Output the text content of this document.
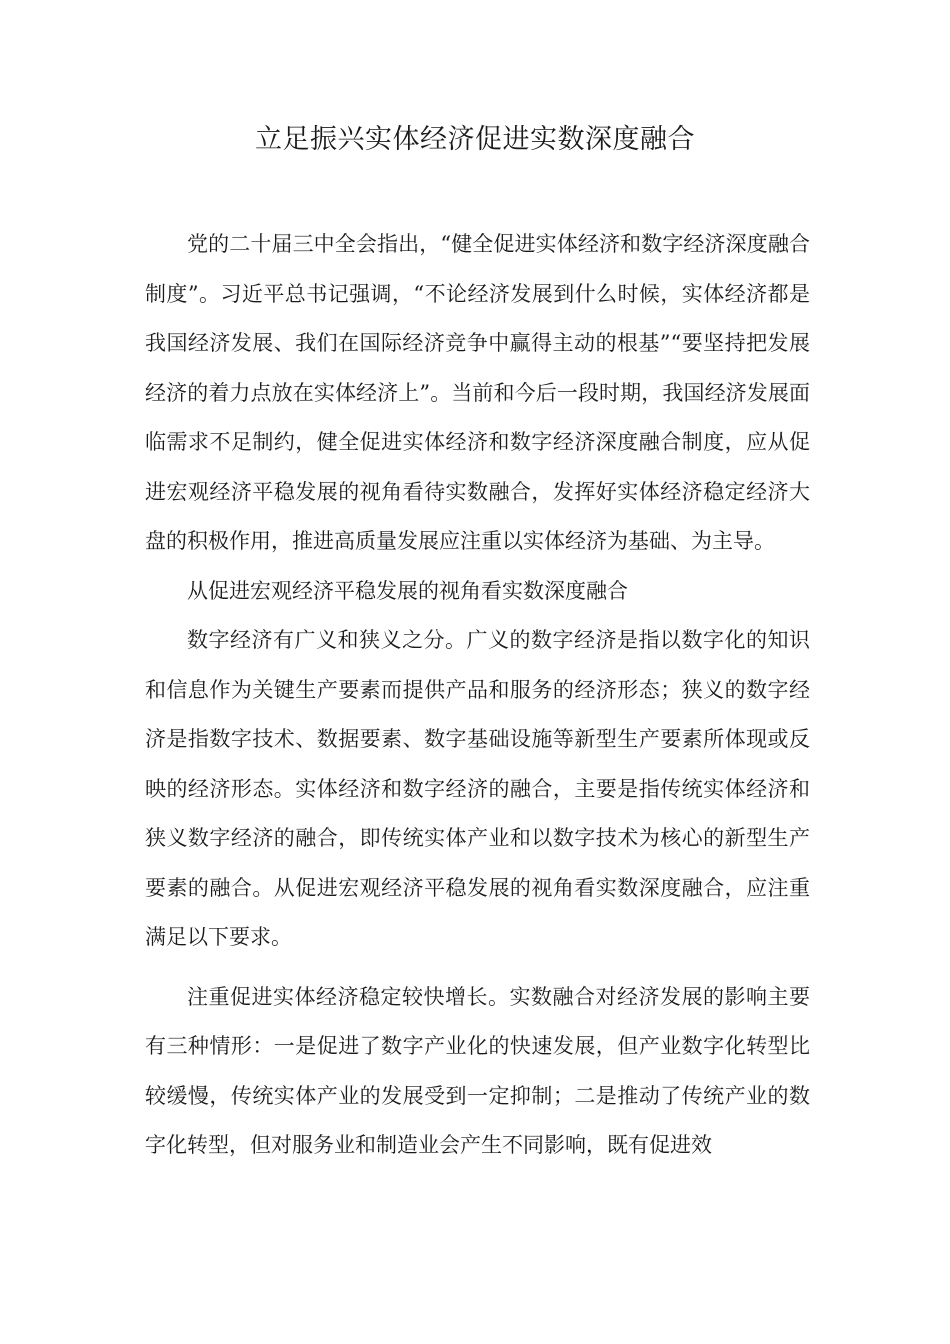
立足振兴实体经济促进实数深度融合

党的二十届三中全会指出，“健全促进实体经济和数字经济深度融合制度”。习近平总书记强调，“不论经济发展到什么时候，实体经济都是我国经济发展、我们在国际经济竞争中赢得主动的根基”“要坚持把发展经济的着力点放在实体经济上”。当前和今后一段时期，我国经济发展面临需求不足制约，健全促进实体经济和数字经济深度融合制度，应从促进宏观经济平稳发展的视角看待实数融合，发挥好实体经济稳定经济大盘的积极作用，推进高质量发展应注重以实体经济为基础、为主导。

从促进宏观经济平稳发展的视角看实数深度融合

数字经济有广义和狭义之分。广义的数字经济是指以数字化的知识和信息作为关键生产要素而提供产品和服务的经济形态；狭义的数字经济是指数字技术、数据要素、数字基础设施等新型生产要素所体现或反映的经济形态。实体经济和数字经济的融合，主要是指传统实体经济和狭义数字经济的融合，即传统实体产业和以数字技术为核心的新型生产要素的融合。从促进宏观经济平稳发展的视角看实数深度融合，应注重满足以下要求。

注重促进实体经济稳定较快增长。实数融合对经济发展的影响主要有三种情形：一是促进了数字产业化的快速发展，但产业数字化转型比较缓慢，传统实体产业的发展受到一定抑制；二是推动了传统产业的数字化转型，但对服务业和制造业会产生不同影响，既有促进效
